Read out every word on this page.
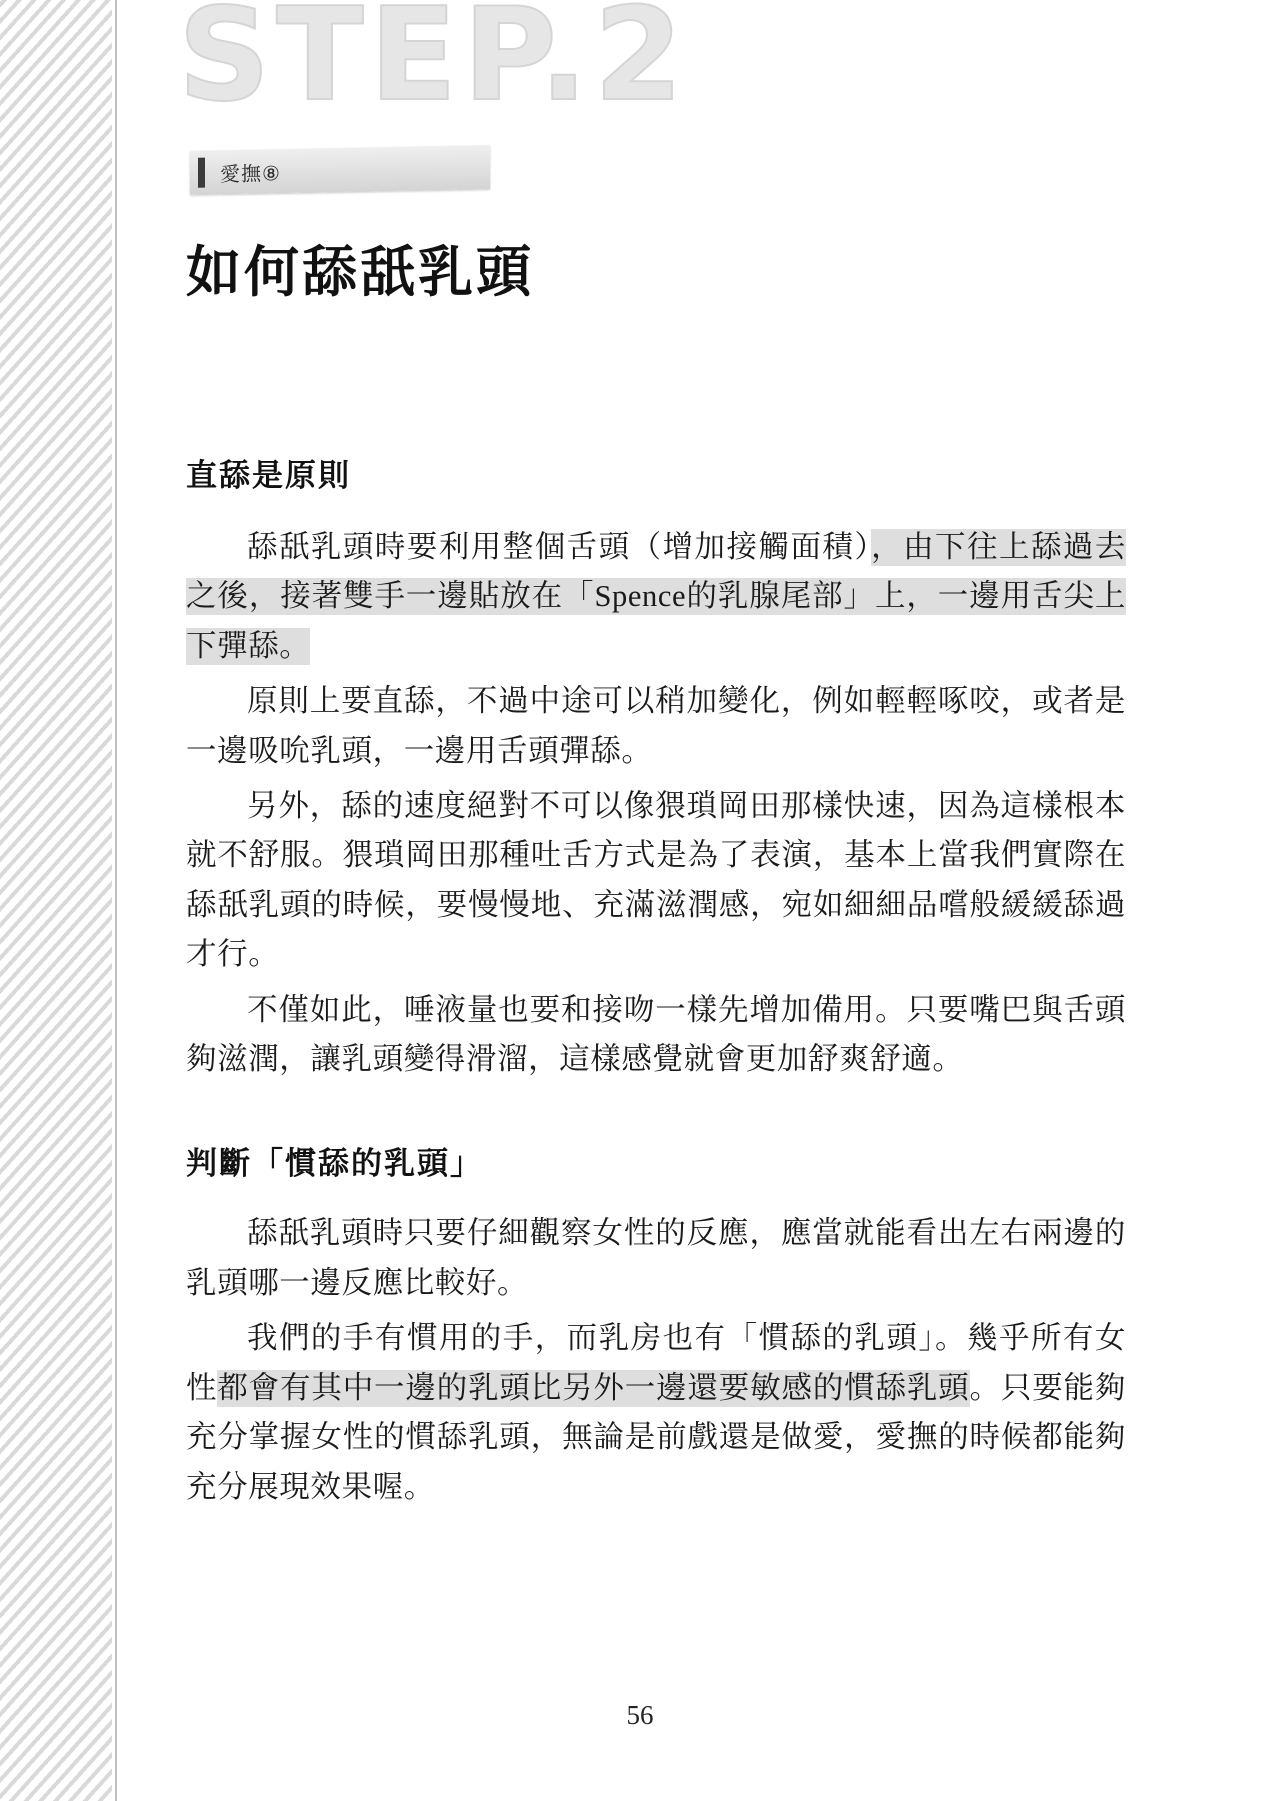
STEP.2
愛撫⑧
如何舔舐乳頭
直舔是原則

舔舐乳頭時要利用整個舌頭（增加接觸面積），由下往上舔過去之後，接著雙手一邊貼放在「Spence的乳腺尾部」上，一邊用舌尖上下彈舔。

原則上要直舔，不過中途可以稍加變化，例如輕輕啄咬，或者是一邊吸吮乳頭，一邊用舌頭彈舔。

另外，舔的速度絕對不可以像猥瑣岡田那樣快速，因為這樣根本就不舒服。猥瑣岡田那種吐舌方式是為了表演，基本上當我們實際在舔舐乳頭的時候，要慢慢地、充滿滋潤感，宛如細細品嚐般緩緩舔過才行。

不僅如此，唾液量也要和接吻一樣先增加備用。只要嘴巴與舌頭夠滋潤，讓乳頭變得滑溜，這樣感覺就會更加舒爽舒適。

判斷「慣舔的乳頭」

舔舐乳頭時只要仔細觀察女性的反應，應當就能看出左右兩邊的乳頭哪一邊反應比較好。

我們的手有慣用的手，而乳房也有「慣舔的乳頭」。幾乎所有女性都會有其中一邊的乳頭比另外一邊還要敏感的慣舔乳頭。只要能夠充分掌握女性的慣舔乳頭，無論是前戲還是做愛，愛撫的時候都能夠充分展現效果喔。

56
